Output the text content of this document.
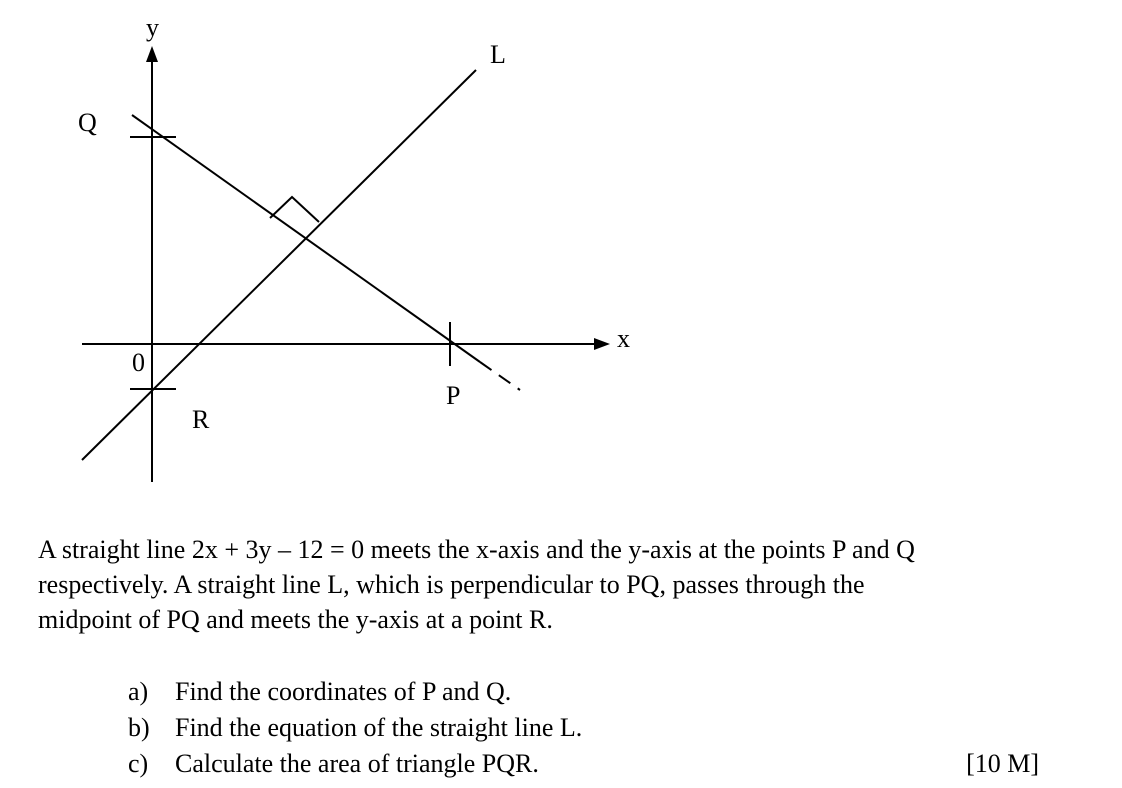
y
L
Q
x
0
P
R
A straight line 2x + 3y – 12 = 0 meets the x-axis and the y-axis at the points P and Q
respectively. A straight line L, which is perpendicular to PQ, passes through the
midpoint of PQ and meets the y-axis at a point R.
a) Find the coordinates of P and Q.
b) Find the equation of the straight line L.
c) Calculate the area of triangle PQR.	[10 M]
